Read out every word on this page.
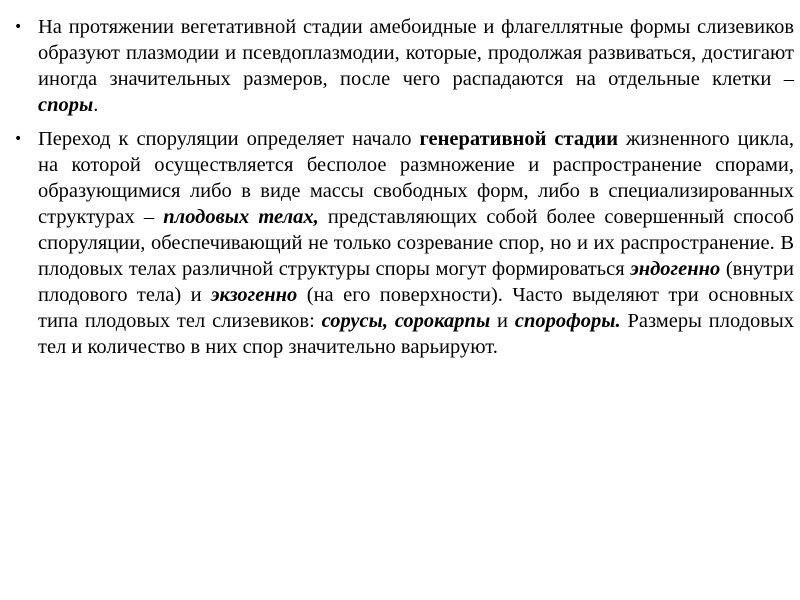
• На протяжении вегетативной стадии амебоидные и флагеллятные формы слизевиков образуют плазмодии и псевдоплазмодии, которые, продолжая развиваться, достигают иногда значительных размеров, после чего распадаются на отдельные клетки – споры.
• Переход к споруляции определяет начало генеративной стадии жизненного цикла, на которой осуществляется бесполое размножение и распространение спорами, образующимися либо в виде массы свободных форм, либо в специализированных структурах – плодовых телах, представляющих собой более совершенный способ споруляции, обеспечивающий не только созревание спор, но и их распространение. В плодовых телах различной структуры споры могут формироваться эндогенно (внутри плодового тела) и экзогенно (на его поверхности). Часто выделяют три основных типа плодовых тел слизевиков: сорусы, сорокарпы и спорофоры. Размеры плодовых тел и количество в них спор значительно варьируют.
